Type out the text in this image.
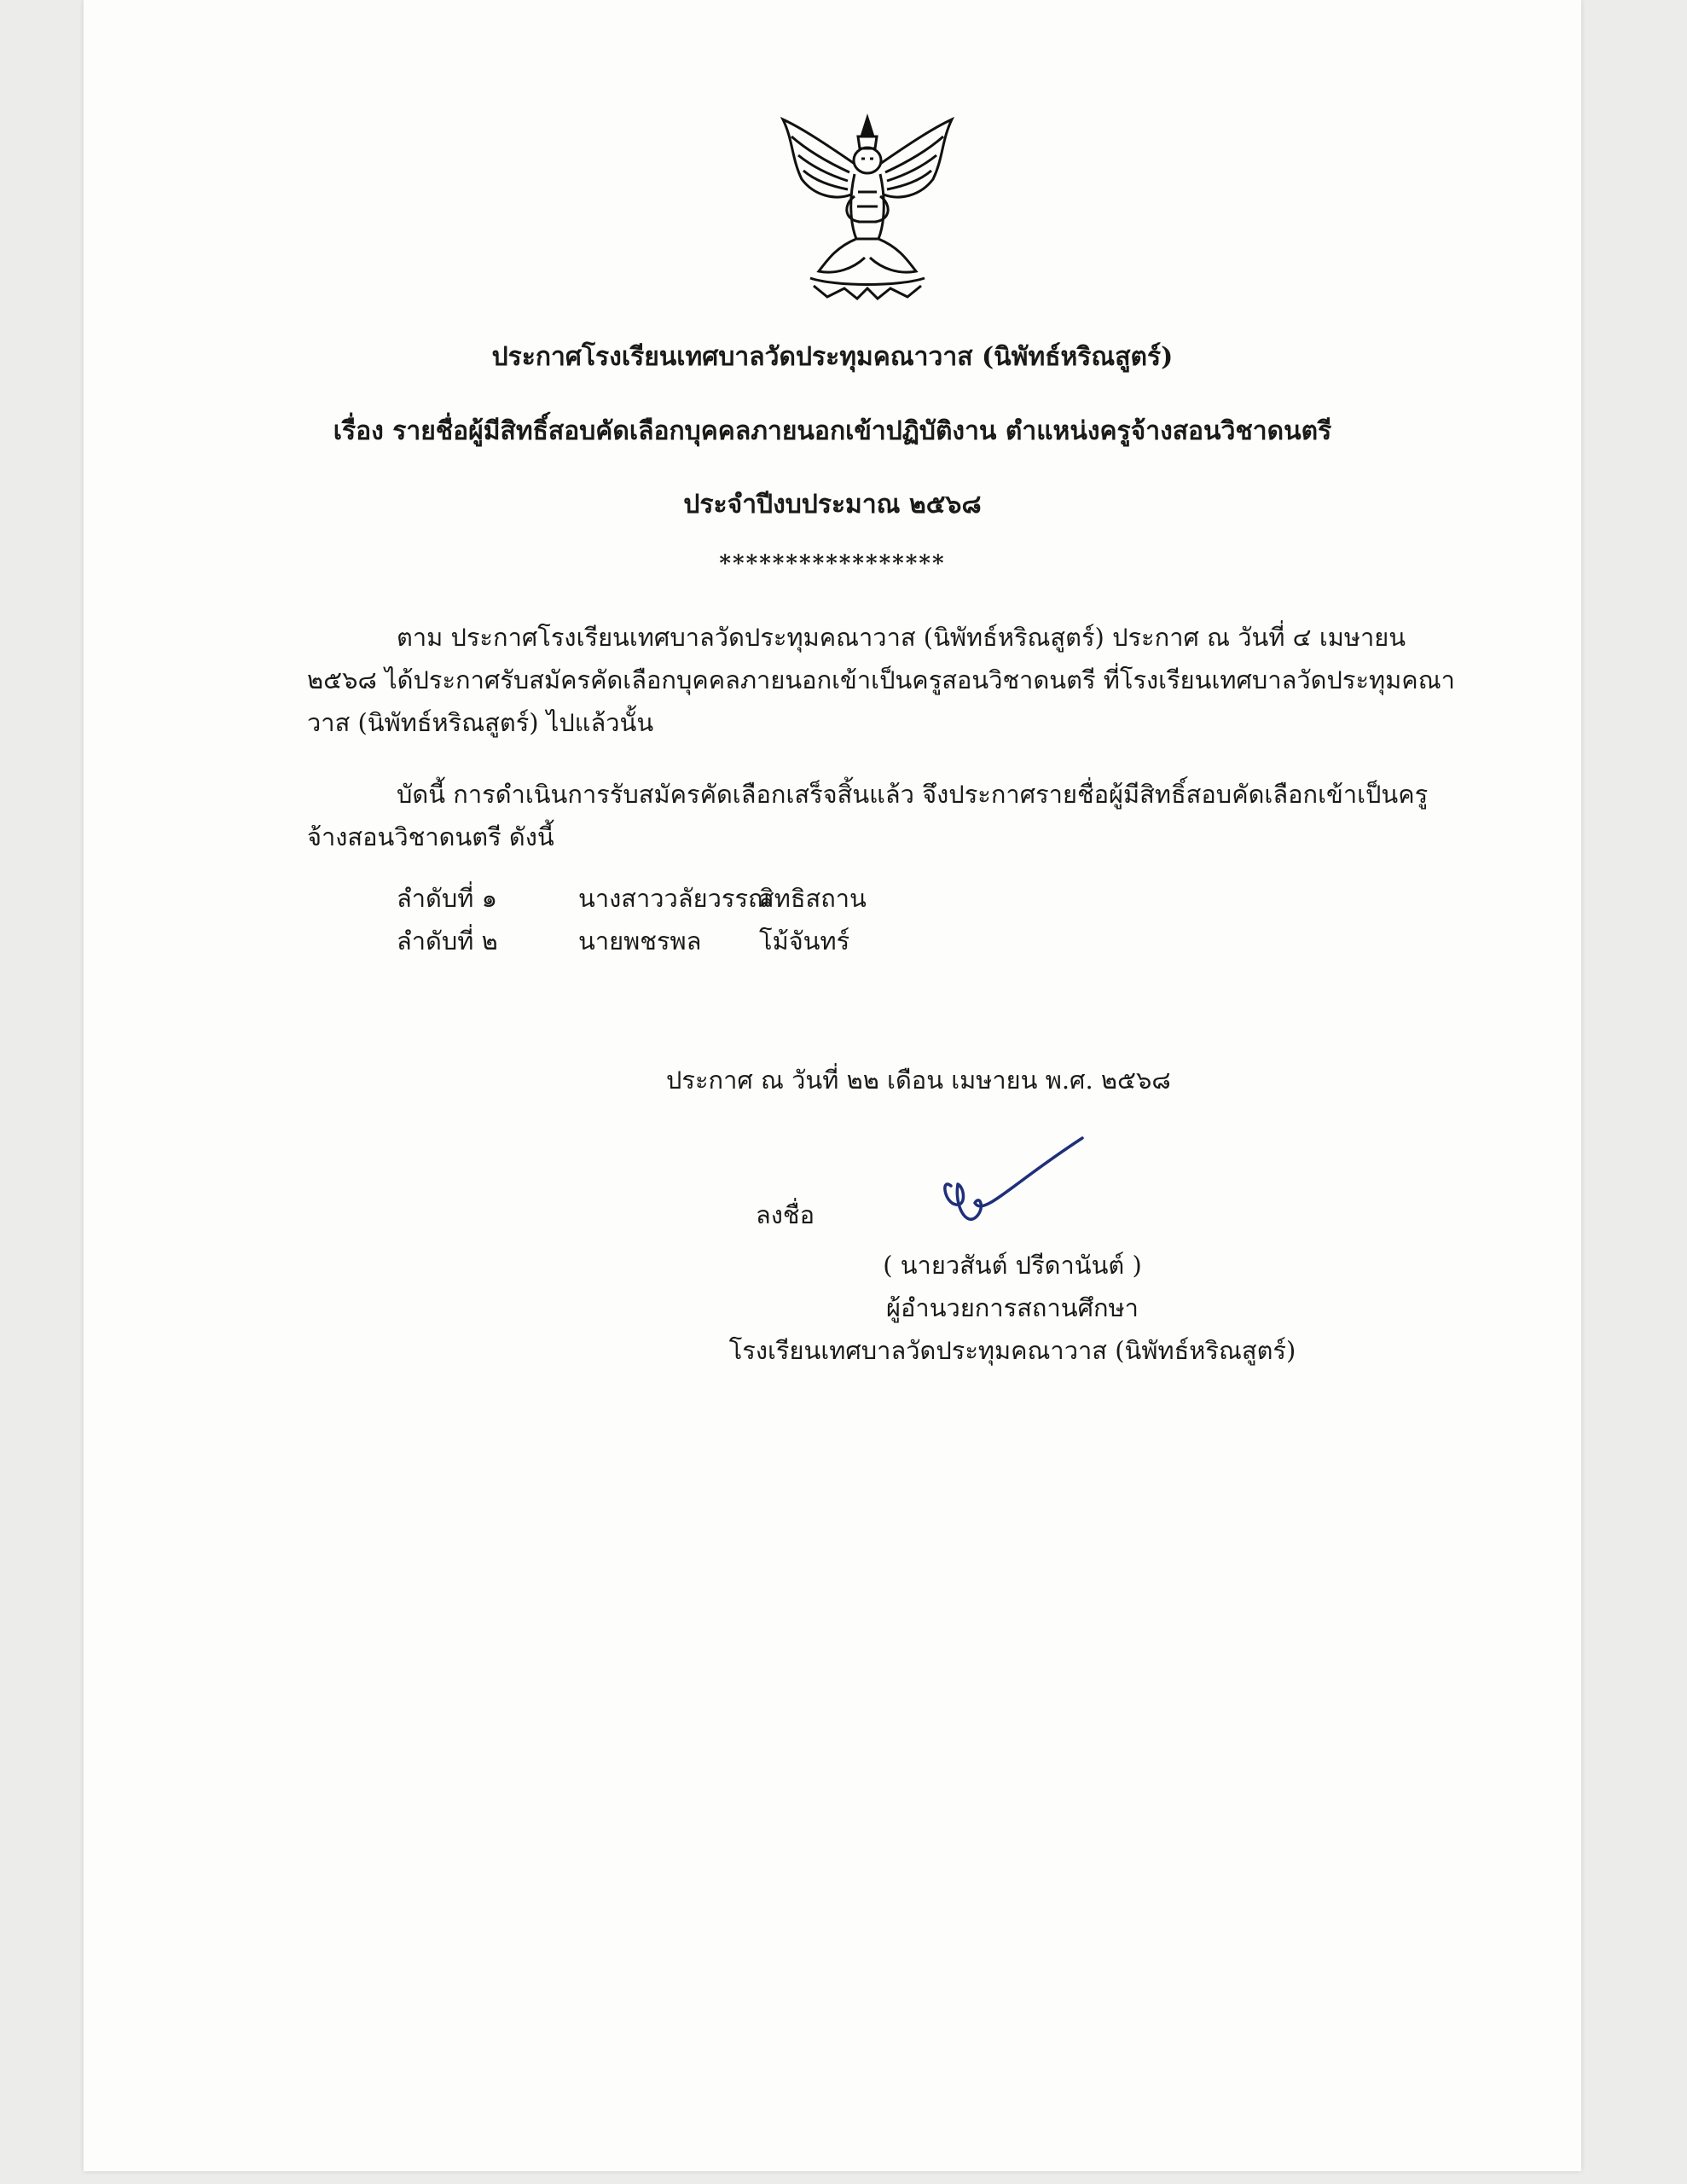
ประกาศโรงเรียนเทศบาลวัดประทุมคณาวาส (นิพัทธ์หริณสูตร์)
เรื่อง รายชื่อผู้มีสิทธิ์สอบคัดเลือกบุคคลภายนอกเข้าปฏิบัติงาน ตำแหน่งครูจ้างสอนวิชาดนตรี
ประจำปีงบประมาณ ๒๕๖๘
*****************
ตาม ประกาศโรงเรียนเทศบาลวัดประทุมคณาวาส (นิพัทธ์หริณสูตร์) ประกาศ ณ วันที่ ๔ เมษายน ๒๕๖๘ ได้ประกาศรับสมัครคัดเลือกบุคคลภายนอกเข้าเป็นครูสอนวิชาดนตรี ที่โรงเรียนเทศบาลวัดประทุมคณาวาส (นิพัทธ์หริณสูตร์) ไปแล้วนั้น
บัดนี้ การดำเนินการรับสมัครคัดเลือกเสร็จสิ้นแล้ว จึงประกาศรายชื่อผู้มีสิทธิ์สอบคัดเลือกเข้าเป็นครูจ้างสอนวิชาดนตรี ดังนี้
ลำดับที่ ๑	นางสาววลัยวรรณ
สิทธิสถาน
ลำดับที่ ๒	นายพชรพล โม้จันทร์
ประกาศ ณ วันที่ ๒๒ เดือน เมษายน พ.ศ. ๒๕๖๘
ลงชื่อ
( นายวสันต์ ปรีดานันต์ )
ผู้อำนวยการสถานศึกษา
โรงเรียนเทศบาลวัดประทุมคณาวาส (นิพัทธ์หริณสูตร์)
